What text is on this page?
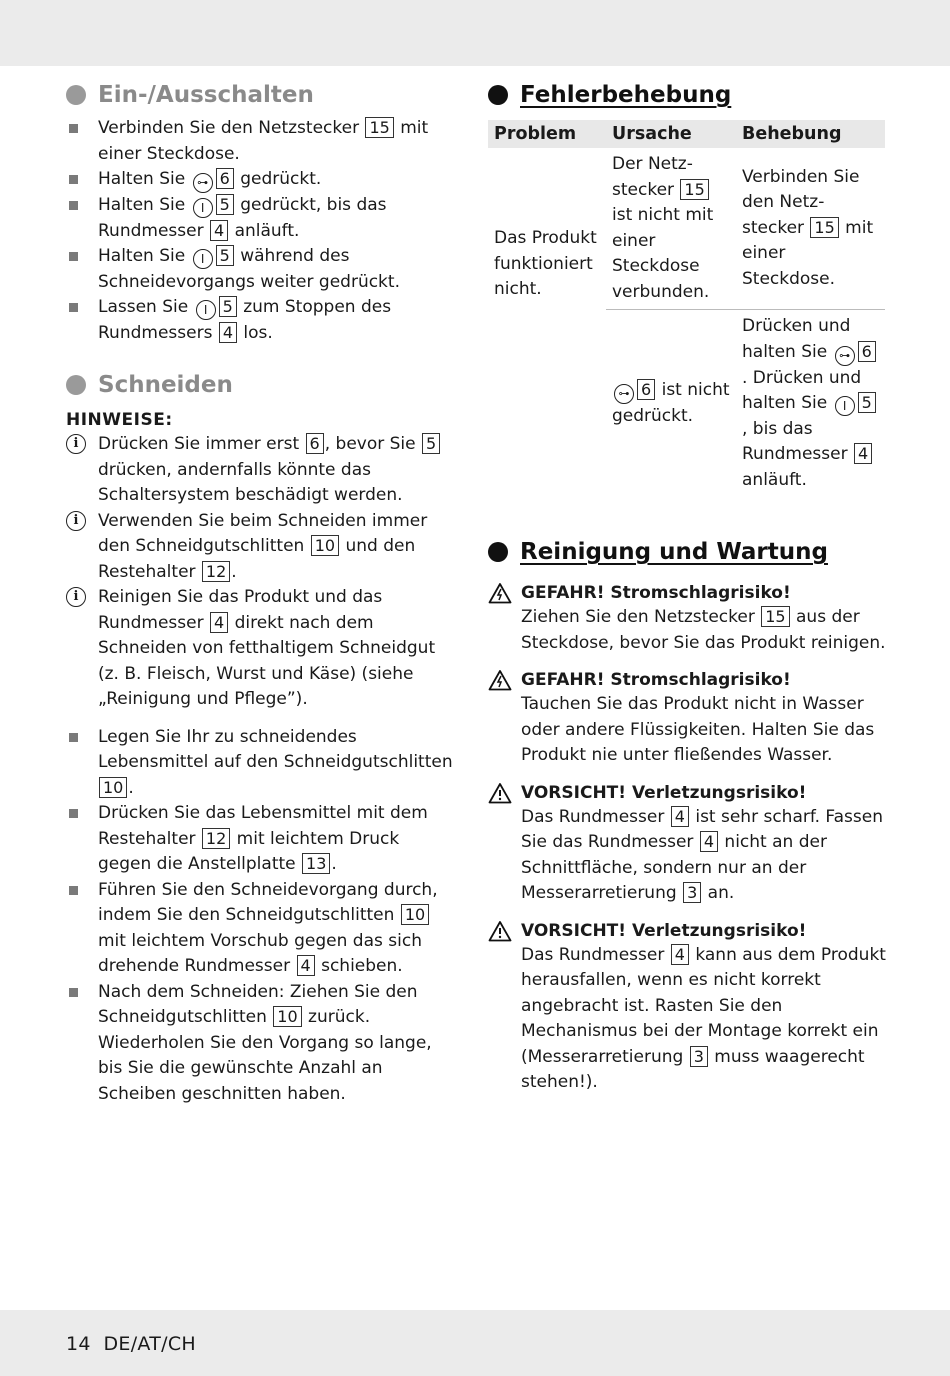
Ein-/Ausschalten
Verbinden Sie den Netzstecker 15 mit einer Steckdose.
Halten Sie ⊶ 6 gedrückt.
Halten Sie I 5 gedrückt, bis das Rundmesser 4 anläuft.
Halten Sie I 5 während des Schneidevorgangs weiter gedrückt.
Lassen Sie I 5 zum Stoppen des Rundmessers 4 los.
Schneiden
HINWEISE:
i	Drücken Sie immer erst 6 , bevor Sie 5 drücken, andernfalls könnte das Schaltersystem beschädigt werden.
i	Verwenden Sie beim Schneiden immer den Schneidgutschlitten 10 und den Restehalter 12 .
i	Reinigen Sie das Produkt und das Rundmesser 4 direkt nach dem Schneiden von fetthaltigem Schneidgut (z. B. Fleisch, Wurst und Käse) (siehe „Reinigung und Pflege”).
Legen Sie Ihr zu schneidendes Lebensmittel auf den Schneidgutschlitten 10 .
Drücken Sie das Lebensmittel mit dem Restehalter 12 mit leichtem Druck gegen die Anstellplatte 13 .
Führen Sie den Schneidevorgang durch, indem Sie den Schneidgutschlitten 10 mit leichtem Vorschub gegen das sich drehende Rundmesser 4 schieben.
Nach dem Schneiden: Ziehen Sie den Schneidgutschlitten 10 zurück. Wiederholen Sie den Vorgang so lange, bis Sie die gewünschte Anzahl an Scheiben geschnitten haben.
Fehlerbehebung
Problem	Ursache	Behebung
Das Produkt funktioniert nicht.	Der Netz-stecker 15 ist nicht mit einer Steckdose verbunden.	Verbinden Sie den Netz-stecker 15 mit einer Steckdose.
	⊶ 6 ist nicht gedrückt.	Drücken und halten Sie ⊶ 6. Drücken und halten Sie I 5, bis das Rundmesser 4 anläuft.
Reinigung und Wartung
GEFAHR! Stromschlagrisiko!
Ziehen Sie den Netzstecker 15 aus der Steckdose, bevor Sie das Produkt reinigen.
GEFAHR! Stromschlagrisiko!
Tauchen Sie das Produkt nicht in Wasser oder andere Flüssigkeiten. Halten Sie das Produkt nie unter fließendes Wasser.
VORSICHT! Verletzungsrisiko!
Das Rundmesser 4 ist sehr scharf. Fassen Sie das Rundmesser 4 nicht an der Schnittfläche, sondern nur an der Messerarretierung 3 an.
VORSICHT! Verletzungsrisiko!
Das Rundmesser 4 kann aus dem Produkt herausfallen, wenn es nicht korrekt angebracht ist. Rasten Sie den Mechanismus bei der Montage korrekt ein (Messerarretierung 3 muss waagerecht stehen!).
14 DE/AT/CH
